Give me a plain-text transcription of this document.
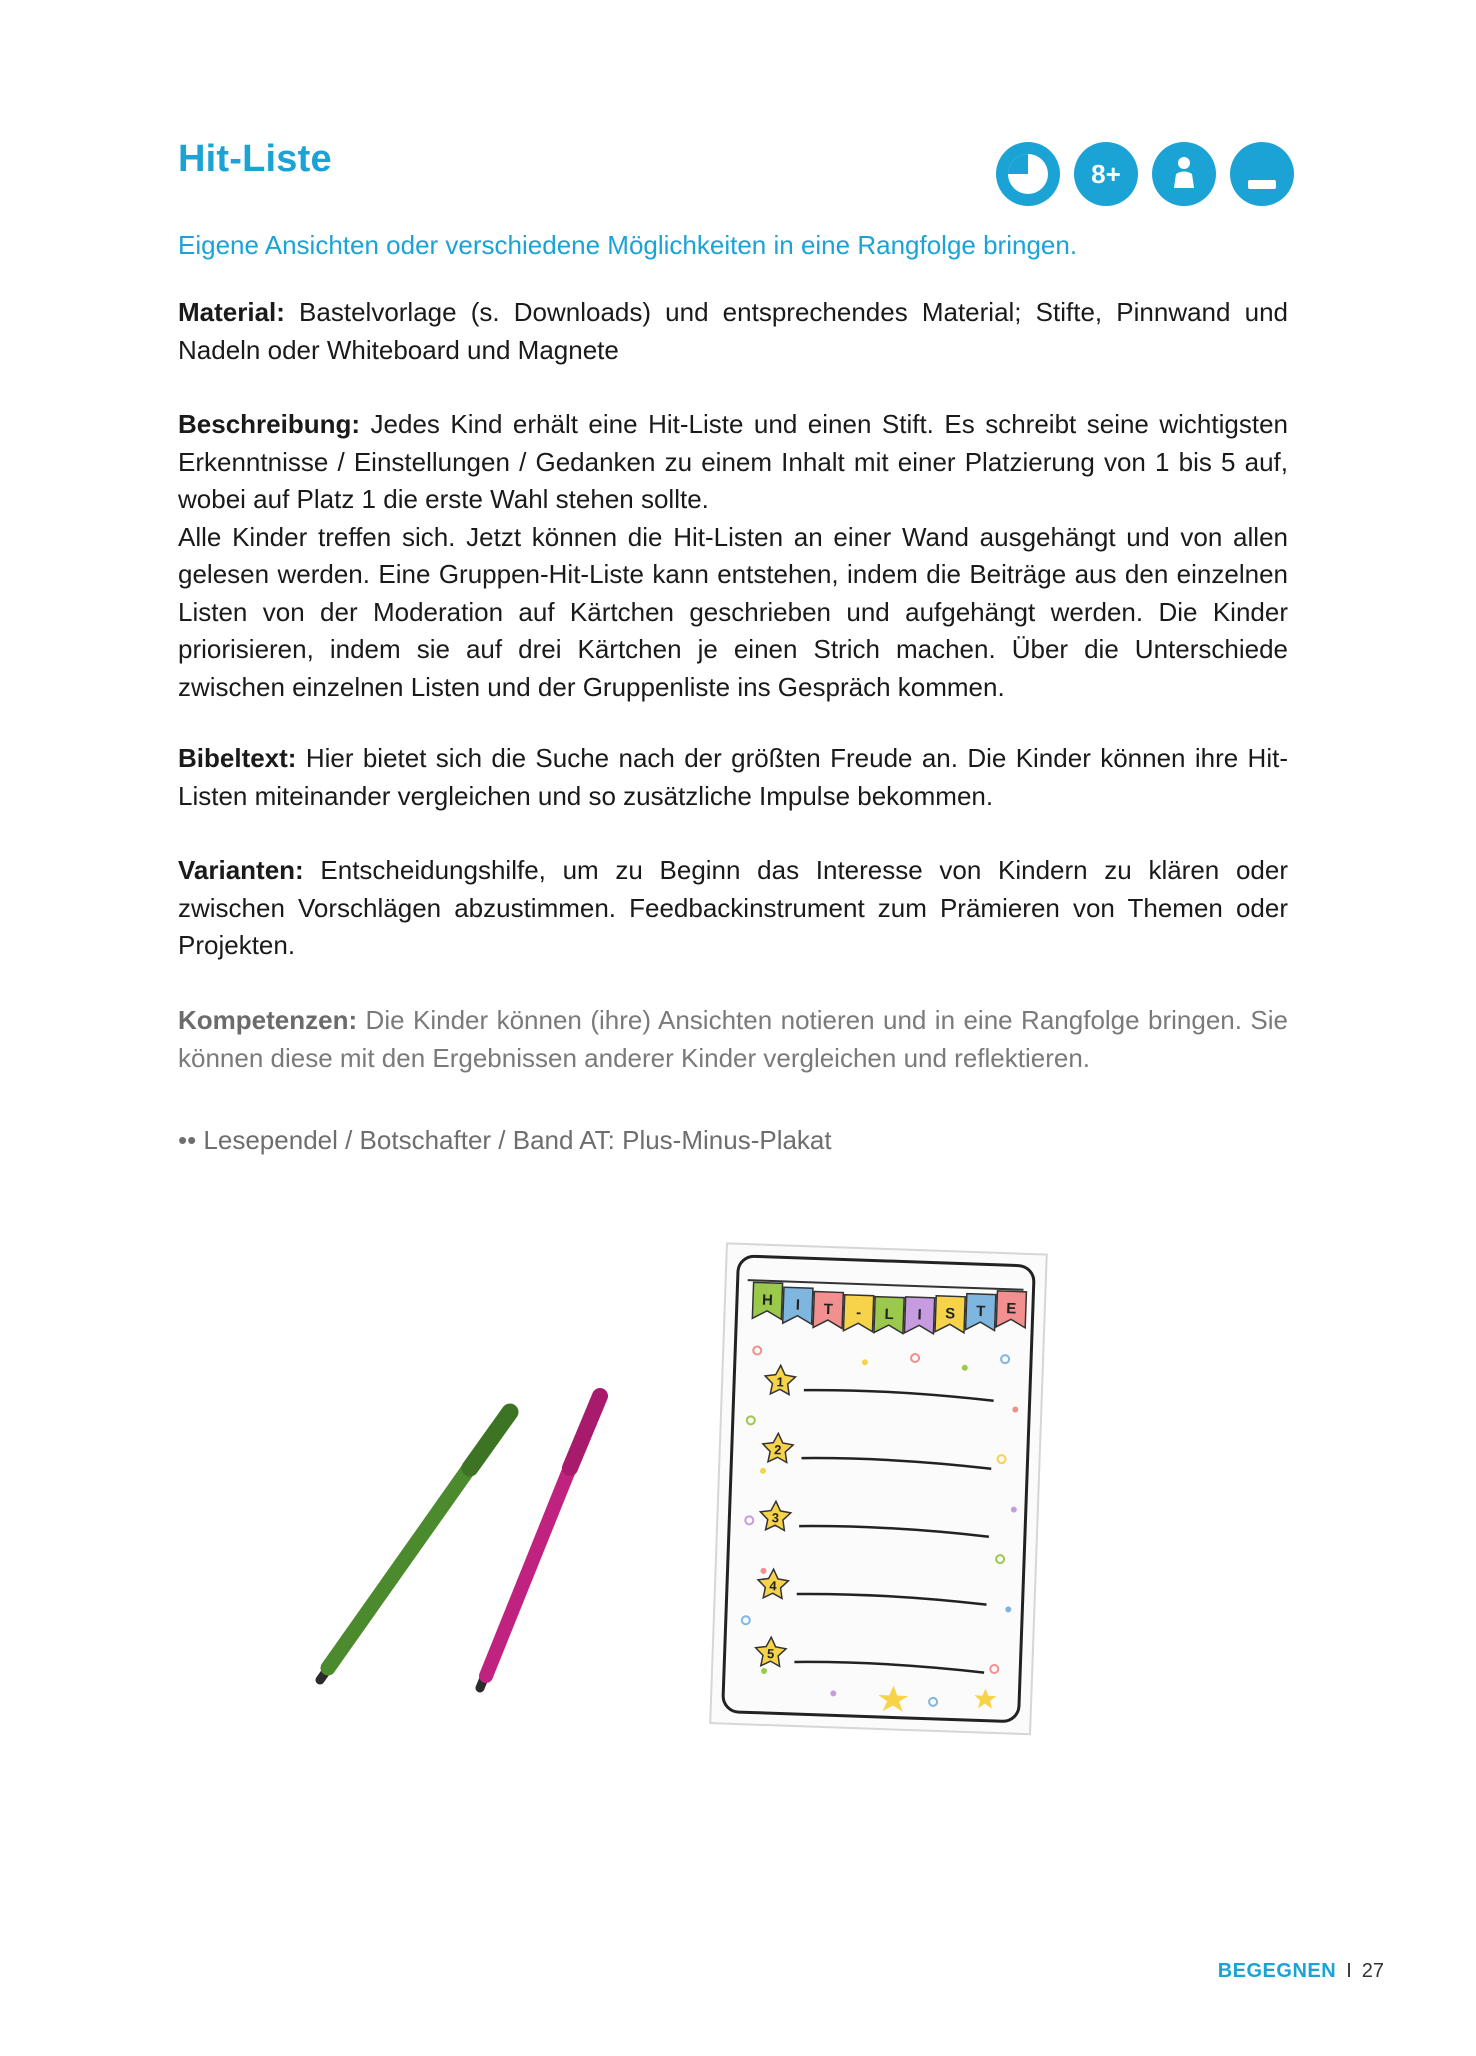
Hit-Liste	8+
Eigene Ansichten oder verschiedene Möglichkeiten in eine Rangfolge bringen.

Material: Bastelvorlage (s. Downloads) und entsprechendes Material; Stifte, Pinnwand und Nadeln oder Whiteboard und Magnete

Beschreibung: Jedes Kind erhält eine Hit-Liste und einen Stift. Es schreibt seine wichtigsten Erkenntnisse / Einstellungen / Gedanken zu einem Inhalt mit einer Platzierung von 1 bis 5 auf, wobei auf Platz 1 die erste Wahl stehen sollte.

Alle Kinder treffen sich. Jetzt können die Hit-Listen an einer Wand ausgehängt und von allen gelesen werden. Eine Gruppen-Hit-Liste kann entstehen, indem die Beiträge aus den einzelnen Listen von der Moderation auf Kärtchen geschrieben und aufgehängt werden. Die Kinder priorisieren, indem sie auf drei Kärtchen je einen Strich machen. Über die Unterschiede zwischen einzelnen Listen und der Gruppenliste ins Gespräch kommen.

Bibeltext: Hier bietet sich die Suche nach der größten Freude an. Die Kinder können ihre Hit-Listen miteinander vergleichen und so zusätzliche Impulse bekommen.

Varianten: Entscheidungshilfe, um zu Beginn das Interesse von Kindern zu klären oder zwischen Vorschlägen abzustimmen. Feedbackinstrument zum Prämieren von Themen oder Projekten.

Kompetenzen: Die Kinder können (ihre) Ansichten notieren und in eine Rangfolge bringen. Sie können diese mit den Ergebnissen anderer Kinder vergleichen und reflektieren.

•• Lesependel / Botschafter / Band AT: Plus-Minus-Plakat
H I T - L I S T E
1
2
3
4
5
BEGEGNEN I 27
